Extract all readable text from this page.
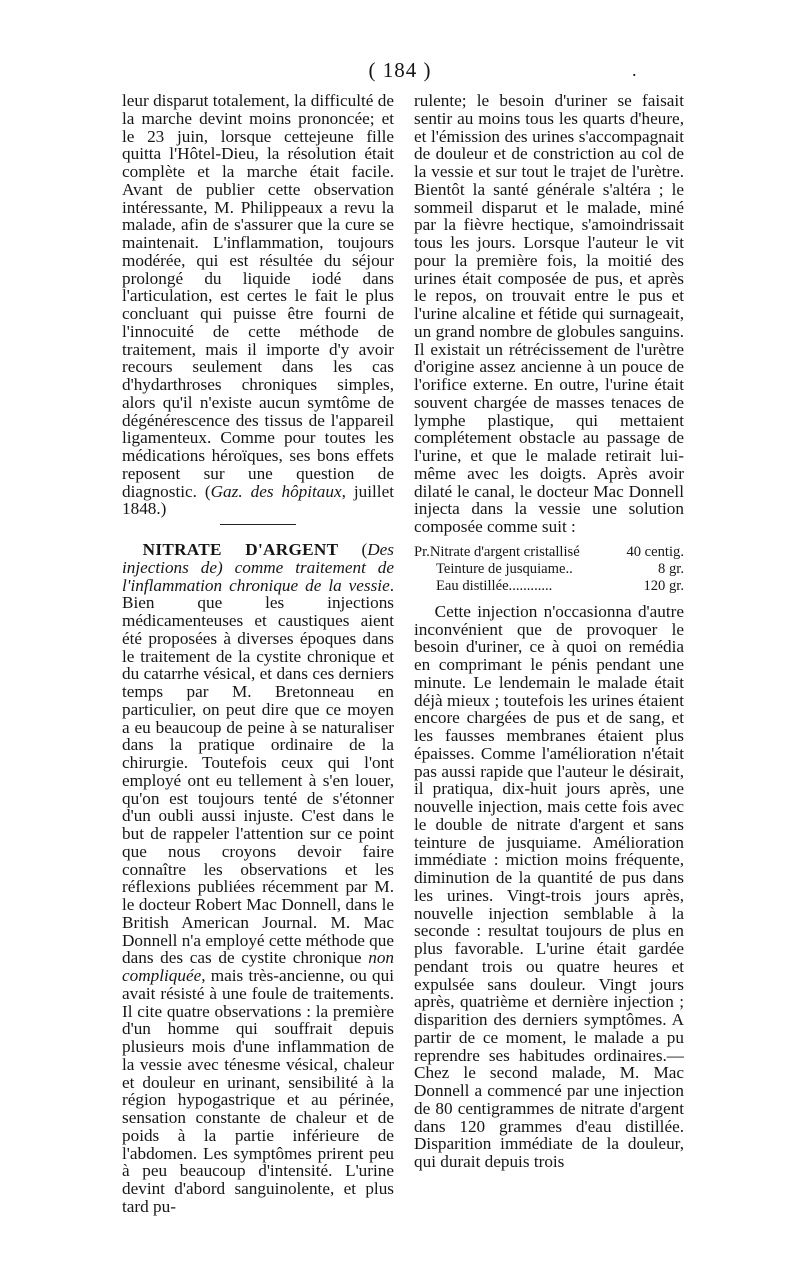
( 184 )	.

leur disparut totalement, la difficulté de la marche devint moins prononcée; et le 23 juin, lorsque cettejeune fille quitta l'Hôtel-Dieu, la résolution était complète et la marche était facile. Avant de publier cette observation intéressante, M. Philippeaux a revu la malade, afin de s'assurer que la cure se maintenait. L'inflammation, toujours modérée, qui est résultée du séjour prolongé du liquide iodé dans l'articulation, est certes le fait le plus concluant qui puisse être fourni de l'innocuité de cette méthode de traitement, mais il importe d'y avoir recours seulement dans les cas d'hydarthroses chroniques simples, alors qu'il n'existe aucun symtôme de dégénérescence des tissus de l'appareil ligamenteux. Comme pour toutes les médications héroïques, ses bons effets reposent sur une question de diagnostic. (Gaz. des hôpitaux, juillet 1848.)

NITRATE D'ARGENT (Des injections de) comme traitement de l'inflammation chronique de la vessie. Bien que les injections médicamenteuses et caustiques aient été proposées à diverses époques dans le traitement de la cystite chronique et du catarrhe vésical, et dans ces derniers temps par M. Bretonneau en particulier, on peut dire que ce moyen a eu beaucoup de peine à se naturaliser dans la pratique ordinaire de la chirurgie. Toutefois ceux qui l'ont employé ont eu tellement à s'en louer, qu'on est toujours tenté de s'étonner d'un oubli aussi injuste. C'est dans le but de rappeler l'attention sur ce point que nous croyons devoir faire connaître les observations et les réflexions publiées récemment par M. le docteur Robert Mac Donnell, dans le British American Journal. M. Mac Donnell n'a employé cette méthode que dans des cas de cystite chronique non compliquée, mais très-ancienne, ou qui avait résisté à une foule de traitements. Il cite quatre observations : la première d'un homme qui souffrait depuis plusieurs mois d'une inflammation de la vessie avec ténesme vésical, chaleur et douleur en urinant, sensibilité à la région hypogastrique et au périnée, sensation constante de chaleur et de poids à la partie inférieure de l'abdomen. Les symptômes prirent peu à peu beaucoup d'intensité. L'urine devint d'abord sanguinolente, et plus tard pu-

rulente; le besoin d'uriner se faisait sentir au moins tous les quarts d'heure, et l'émission des urines s'accompagnait de douleur et de constriction au col de la vessie et sur tout le trajet de l'urètre. Bientôt la santé générale s'altéra ; le sommeil disparut et le malade, miné par la fièvre hectique, s'amoindrissait tous les jours. Lorsque l'auteur le vit pour la première fois, la moitié des urines était composée de pus, et après le repos, on trouvait entre le pus et l'urine alcaline et fétide qui surnageait, un grand nombre de globules sanguins. Il existait un rétrécissement de l'urètre d'origine assez ancienne à un pouce de l'orifice externe. En outre, l'urine était souvent chargée de masses tenaces de lymphe plastique, qui mettaient complétement obstacle au passage de l'urine, et que le malade retirait lui-même avec les doigts. Après avoir dilaté le canal, le docteur Mac Donnell injecta dans la vessie une solution composée comme suit :

Pr.Nitrate d'argent cristallisé	40 centig.
Teinture de jusquiame..	8 gr.
Eau distillée............	120 gr.

Cette injection n'occasionna d'autre inconvénient que de provoquer le besoin d'uriner, ce à quoi on remédia en comprimant le pénis pendant une minute. Le lendemain le malade était déjà mieux ; toutefois les urines étaient encore chargées de pus et de sang, et les fausses membranes étaient plus épaisses. Comme l'amélioration n'était pas aussi rapide que l'auteur le désirait, il pratiqua, dix-huit jours après, une nouvelle injection, mais cette fois avec le double de nitrate d'argent et sans teinture de jusquiame. Amélioration immédiate : miction moins fréquente, diminution de la quantité de pus dans les urines. Vingt-trois jours après, nouvelle injection semblable à la seconde : resultat toujours de plus en plus favorable. L'urine était gardée pendant trois ou quatre heures et expulsée sans douleur. Vingt jours après, quatrième et dernière injection ; disparition des derniers symptômes. A partir de ce moment, le malade a pu reprendre ses habitudes ordinaires.—Chez le second malade, M. Mac Donnell a commencé par une injection de 80 centigrammes de nitrate d'argent dans 120 grammes d'eau distillée. Disparition immédiate de la douleur, qui durait depuis trois
